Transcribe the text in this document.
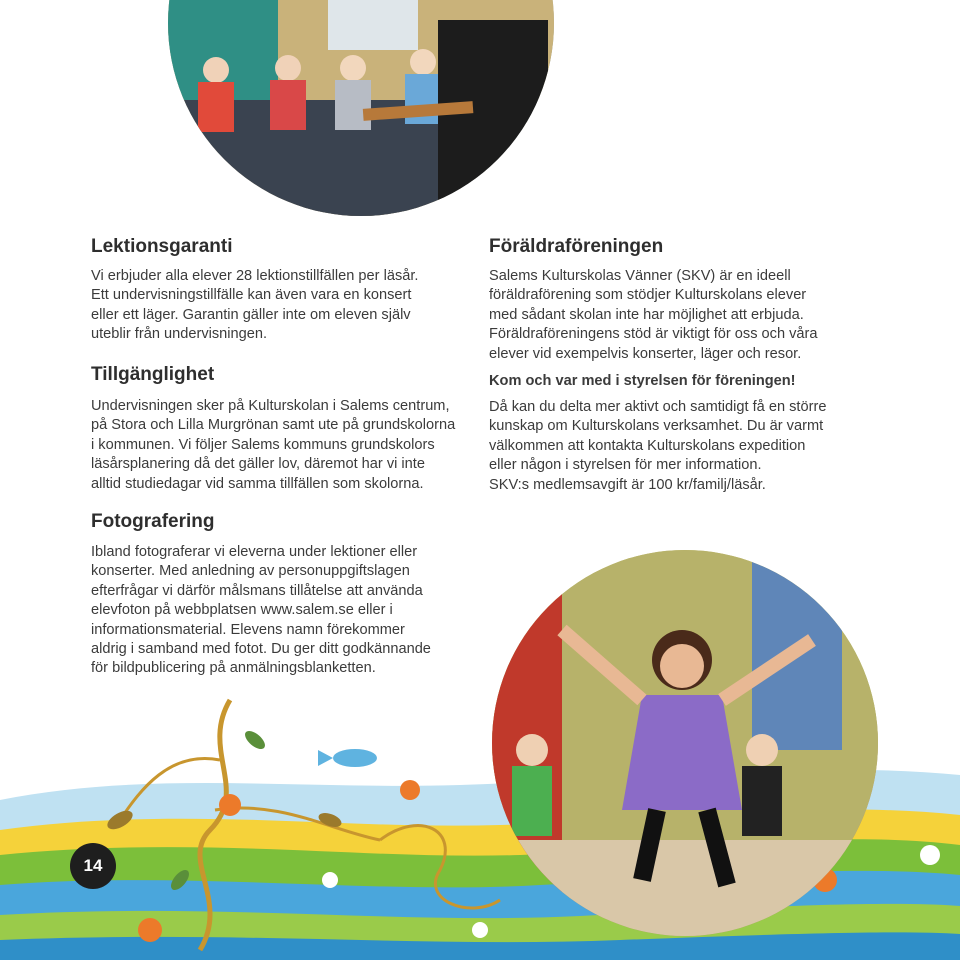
Lektionsgaranti

Vi erbjuder alla elever 28 lektionstillfällen per läsår.

Ett undervisningstillfälle kan även vara en konsert

eller ett läger. Garantin gäller inte om eleven själv

uteblir från undervisningen.

Tillgänglighet

Undervisningen sker på Kulturskolan i Salems centrum,

på Stora och Lilla Murgrönan samt ute på grundskolorna

i kommunen. Vi följer Salems kommuns grundskolors

läsårsplanering då det gäller lov, däremot har vi inte

alltid studiedagar vid samma tillfällen som skolorna.

Fotografering

Ibland fotograferar vi eleverna under lektioner eller

konserter. Med anledning av personuppgiftslagen

efterfrågar vi därför målsmans tillåtelse att använda

elevfoton på webbplatsen www.salem.se eller i

informationsmaterial. Elevens namn förekommer

aldrig i samband med fotot. Du ger ditt godkännande

för bildpublicering på anmälningsblanketten.

Föräldraföreningen

Salems Kulturskolas Vänner (SKV) är en ideell

föräldraförening som stödjer Kulturskolans elever

med sådant skolan inte har möjlighet att erbjuda.

Föräldraföreningens stöd är viktigt för oss och våra

elever vid exempelvis konserter, läger och resor.

Kom och var med i styrelsen för föreningen!

Då kan du delta mer aktivt och samtidigt få en större

kunskap om Kulturskolans verksamhet. Du är varmt

välkommen att kontakta Kulturskolans expedition

eller någon i styrelsen för mer information.

SKV:s medlemsavgift är 100 kr/familj/läsår.

14
